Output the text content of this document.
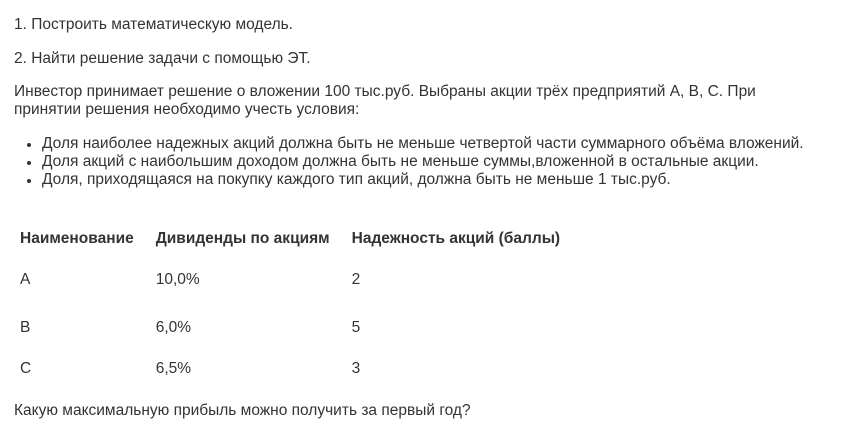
1. Построить математическую модель.
2. Найти решение задачи с помощью ЭТ.
Инвестор принимает решение о вложении 100 тыс.руб. Выбраны акции трёх предприятий А, В, С. При принятии решения необходимо учесть условия:
Доля наиболее надежных акций должна быть не меньше четвертой части суммарного объёма вложений.
Доля акций с наибольшим доходом должна быть не меньше суммы,вложенной в остальные акции.
Доля, приходящаяся на покупку каждого тип акций, должна быть не меньше 1 тыс.руб.
Наименование	Дивиденды по акциям	Надежность акций (баллы)
A	10,0%	2
B	6,0%	5
C	6,5%	3
Какую максимальную прибыль можно получить за первый год?
